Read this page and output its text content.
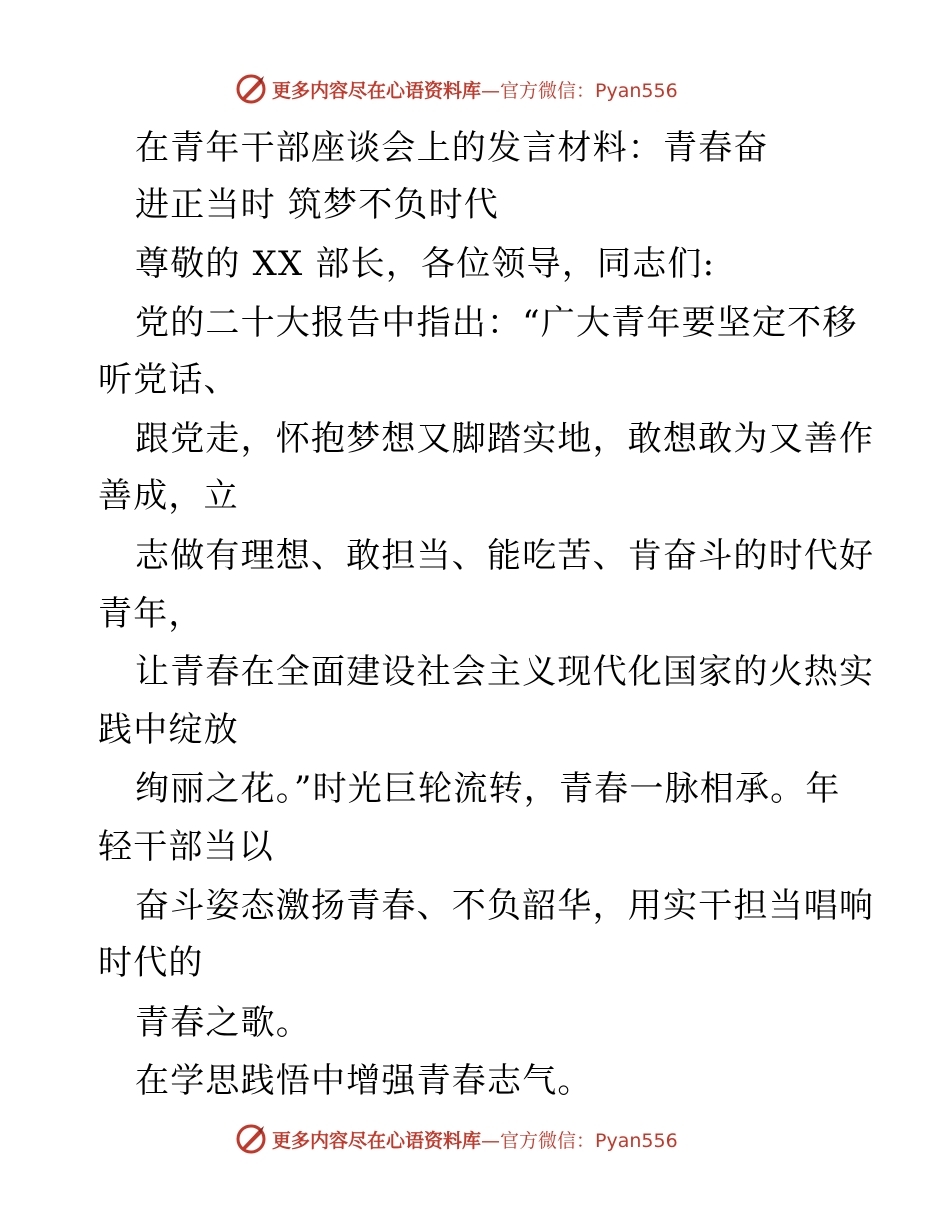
更多内容尽在心语资料库—官方微信：Pyan556
在青年干部座谈会上的发言材料：青春奋
进正当时 筑梦不负时代
尊敬的 XX 部长，各位领导，同志们:
党的二十大报告中指出：“广大青年要坚定不移
听党话、
跟党走，怀抱梦想又脚踏实地，敢想敢为又善作
善成，立
志做有理想、敢担当、能吃苦、肯奋斗的时代好
青年，
让青春在全面建设社会主义现代化国家的火热实
践中绽放
绚丽之花。”时光巨轮流转，青春一脉相承。年
轻干部当以
奋斗姿态激扬青春、不负韶华，用实干担当唱响
时代的
青春之歌。
在学思践悟中增强青春志气。
更多内容尽在心语资料库—官方微信：Pyan556
